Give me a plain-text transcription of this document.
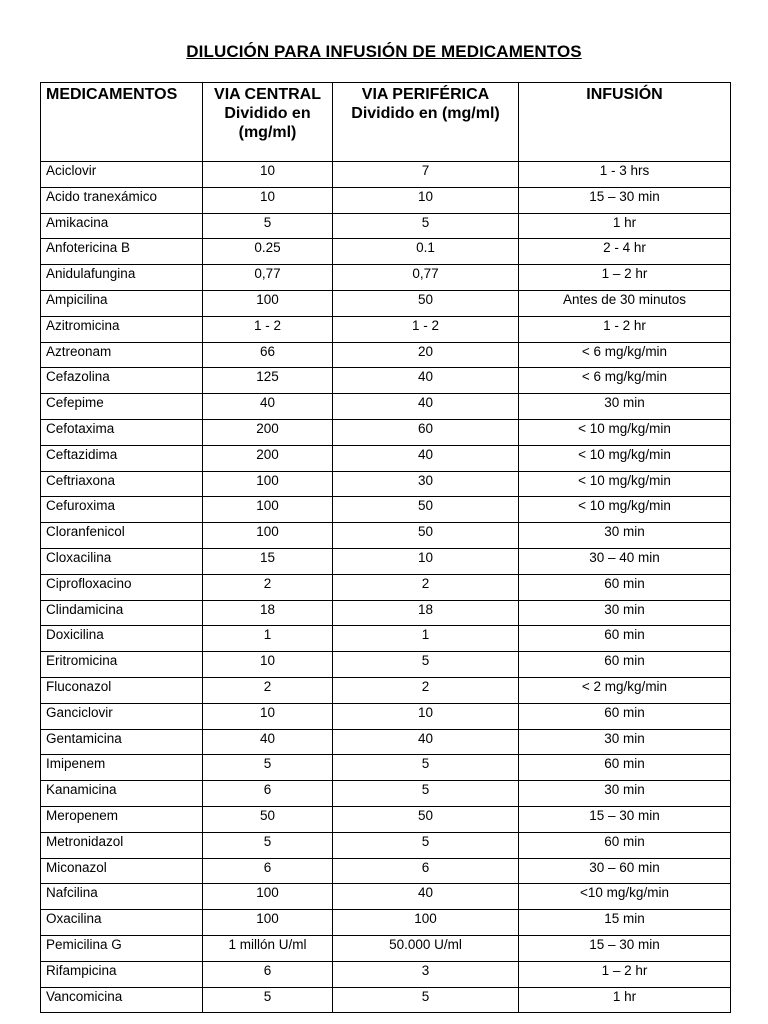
DILUCIÓN PARA INFUSIÓN DE MEDICAMENTOS
MEDICAMENTOS	VIA CENTRAL Dividido en (mg/ml)	VIA PERIFÉRICA Dividido en (mg/ml)	INFUSIÓN
Aciclovir	10	7	1 - 3 hrs
Acido tranexámico	10	10	15 – 30 min
Amikacina	5	5	1 hr
Anfotericina B	0.25	0.1	2 - 4 hr
Anidulafungina	0,77	0,77	1 – 2 hr
Ampicilina	100	50	Antes de 30 minutos
Azitromicina	1 - 2	1 - 2	1 - 2 hr
Aztreonam	66	20	< 6 mg/kg/min
Cefazolina	125	40	< 6 mg/kg/min
Cefepime	40	40	30 min
Cefotaxima	200	60	< 10 mg/kg/min
Ceftazidima	200	40	< 10 mg/kg/min
Ceftriaxona	100	30	< 10 mg/kg/min
Cefuroxima	100	50	< 10 mg/kg/min
Cloranfenicol	100	50	30 min
Cloxacilina	15	10	30 – 40 min
Ciprofloxacino	2	2	60 min
Clindamicina	18	18	30 min
Doxicilina	1	1	60 min
Eritromicina	10	5	60 min
Fluconazol	2	2	< 2 mg/kg/min
Ganciclovir	10	10	60 min
Gentamicina	40	40	30 min
Imipenem	5	5	60 min
Kanamicina	6	5	30 min
Meropenem	50	50	15 – 30 min
Metronidazol	5	5	60 min
Miconazol	6	6	30 – 60 min
Nafcilina	100	40	<10 mg/kg/min
Oxacilina	100	100	15 min
Pemicilina G	1 millón U/ml	50.000 U/ml	15 – 30 min
Rifampicina	6	3	1 – 2 hr
Vancomicina	5	5	1 hr
